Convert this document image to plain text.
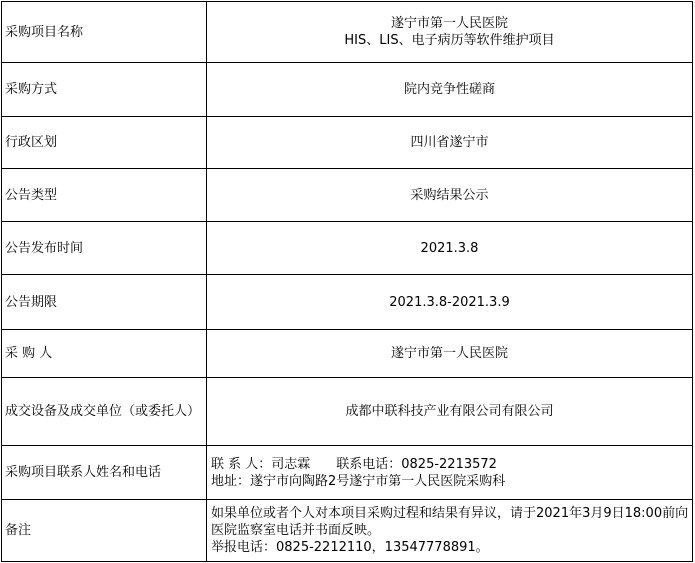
采购项目名称	遂宁市第一人民医院
HIS、LIS、电子病历等软件维护项目

采购方式	院内竞争性磋商
行政区划	四川省遂宁市
公告类型	采购结果公示
公告发布时间	2021.3.8
公告期限	2021.3.8-2021.3.9
采 购 人	遂宁市第一人民医院
成交设备及成交单位（或委托人）	成都中联科技产业有限公司有限公司
采购项目联系人姓名和电话	联 系 人：司志霖　　联系电话：0825-2213572
地址：遂宁市向陶路2号遂宁市第一人民医院采购科

备注	如果单位或者个人对本项目采购过程和结果有异议，请于2021年3月9日18:00前向医院监察室电话并书面反映。
举报电话：0825-2212110，13547778891。
